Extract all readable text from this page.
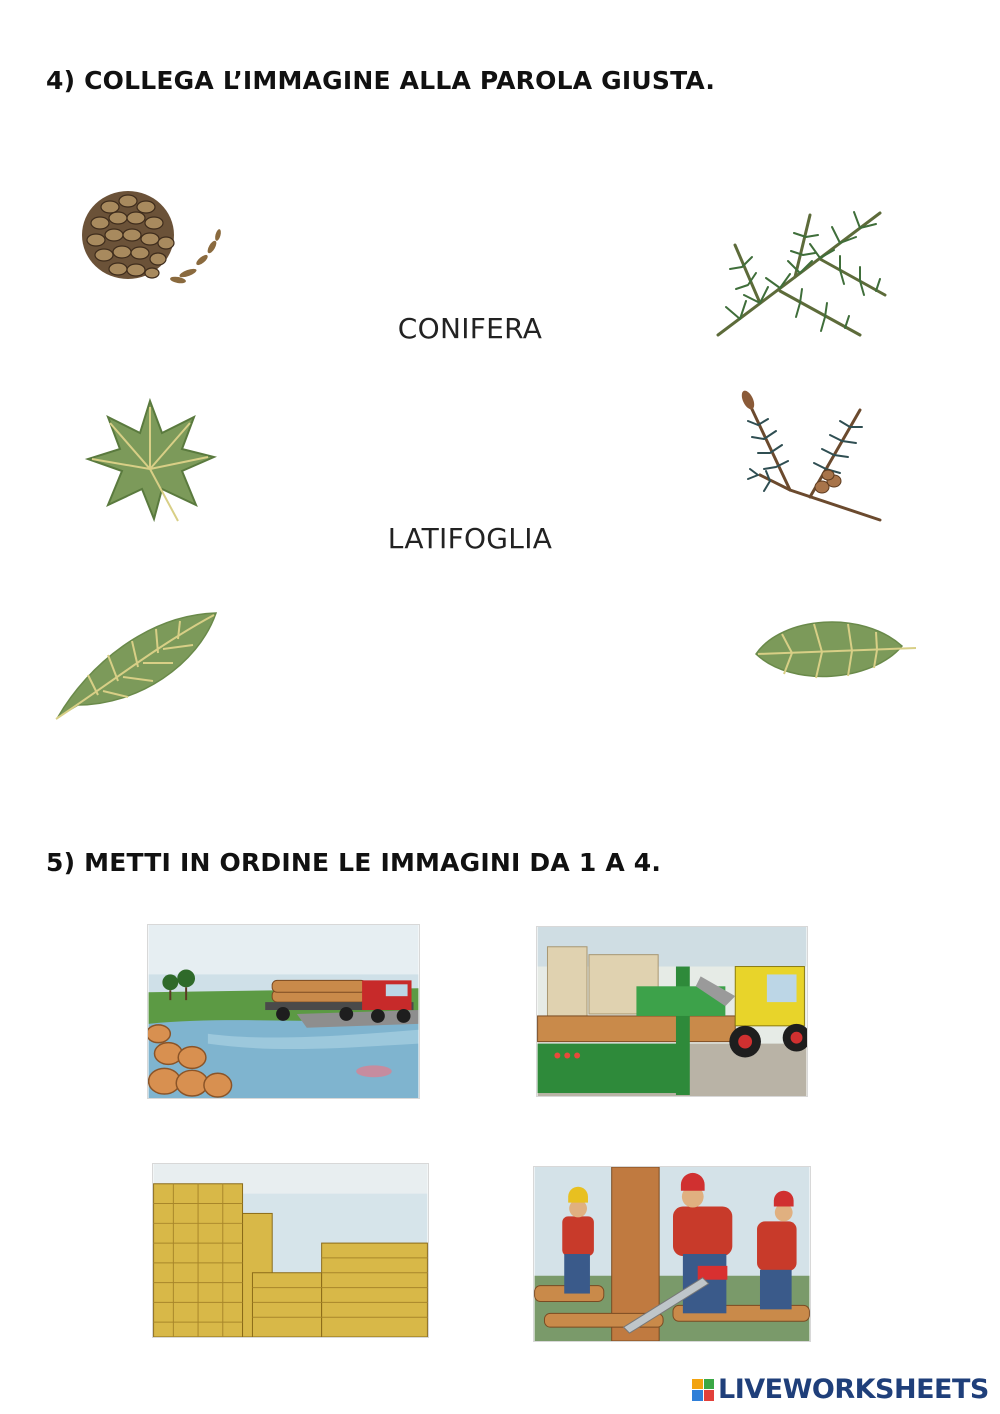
4) COLLEGA L’IMMAGINE ALLA PAROLA GIUSTA.
CONIFERA
LATIFOGLIA
5) METTI IN ORDINE LE IMMAGINI DA 1 A 4.
LIVEWORKSHEETS
